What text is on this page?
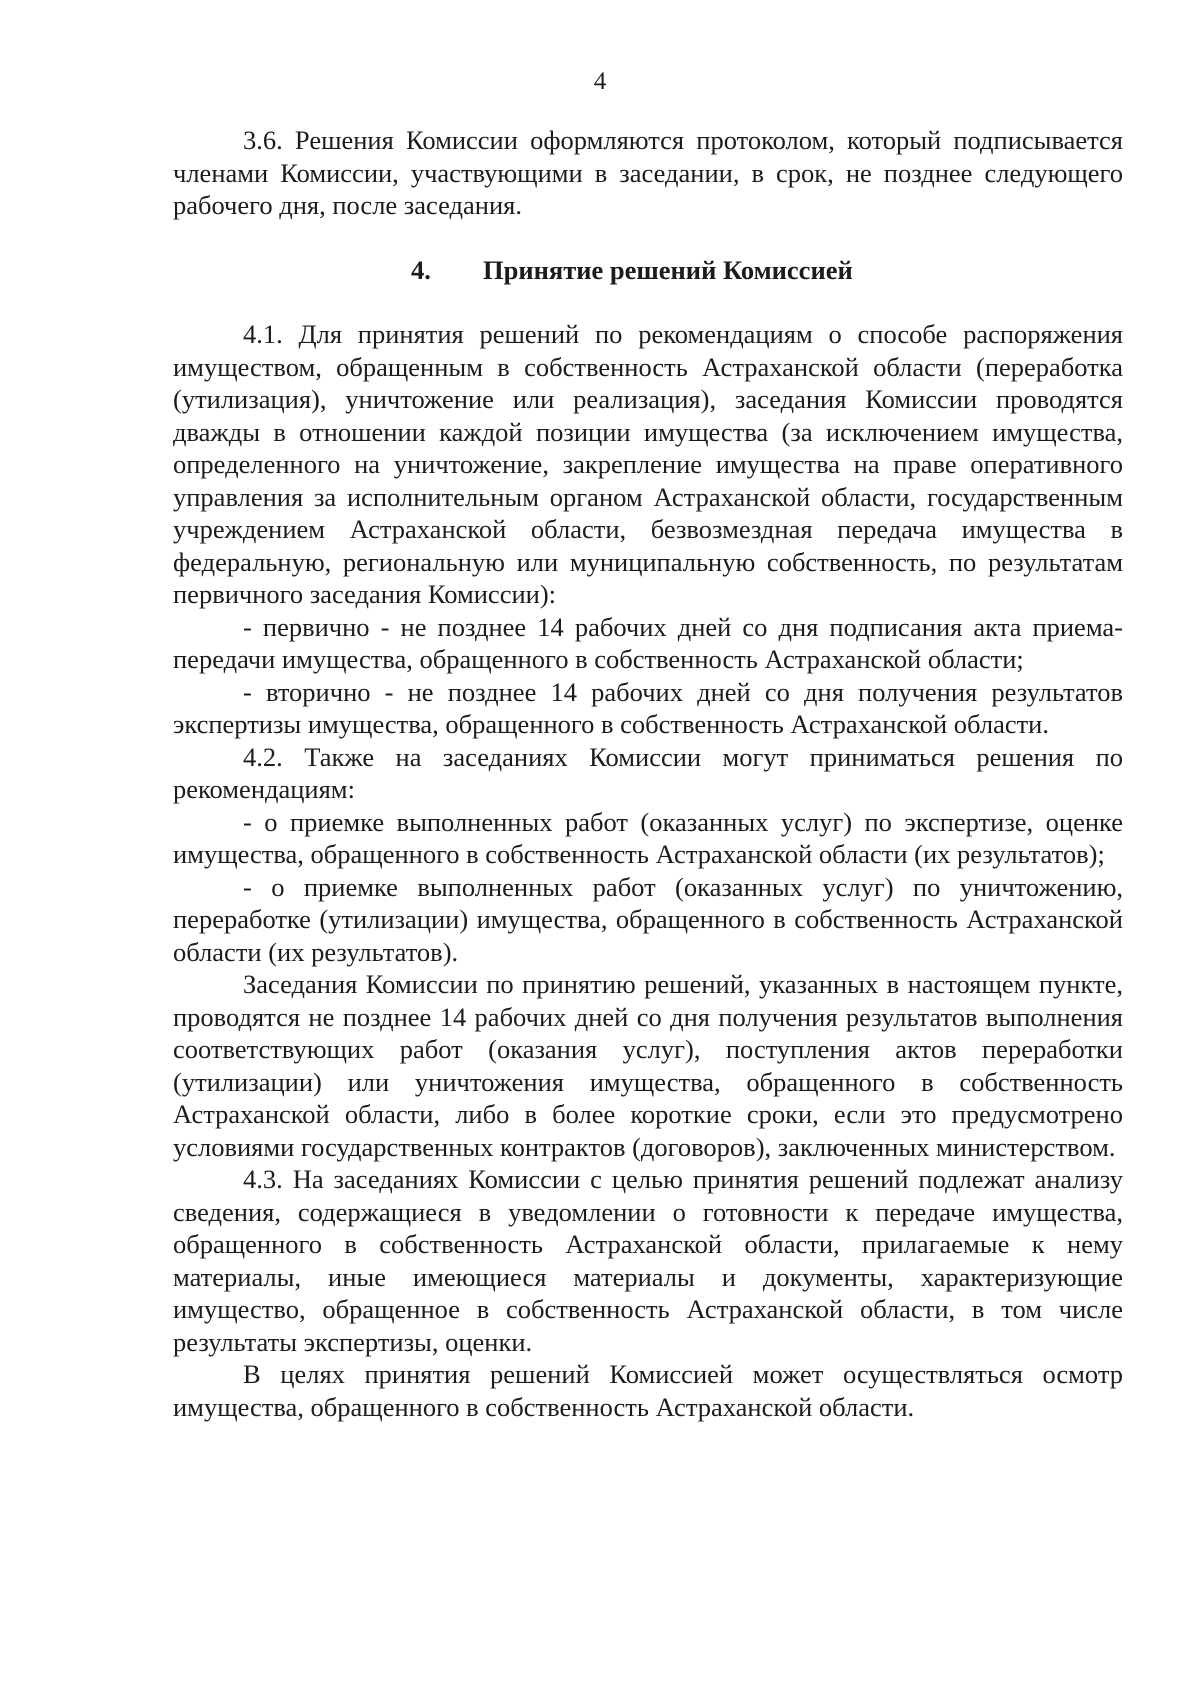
4

3.6. Решения Комиссии оформляются протоколом, который подписывается членами Комиссии, участвующими в заседании, в срок, не позднее следующего рабочего дня, после заседания.

4. Принятие решений Комиссией

4.1. Для принятия решений по рекомендациям о способе распоряжения имуществом, обращенным в собственность Астраханской области (переработка (утилизация), уничтожение или реализация), заседания Комиссии проводятся дважды в отношении каждой позиции имущества (за исключением имущества, определенного на уничтожение, закрепление имущества на праве оперативного управления за исполнительным органом Астраханской области, государственным учреждением Астраханской области, безвозмездная передача имущества в федеральную, региональную или муниципальную собственность, по результатам первичного заседания Комиссии):

- первично - не позднее 14 рабочих дней со дня подписания акта приема-передачи имущества, обращенного в собственность Астраханской области;

- вторично - не позднее 14 рабочих дней со дня получения результатов экспертизы имущества, обращенного в собственность Астраханской области.

4.2. Также на заседаниях Комиссии могут приниматься решения по рекомендациям:

- о приемке выполненных работ (оказанных услуг) по экспертизе, оценке имущества, обращенного в собственность Астраханской области (их результатов);

- о приемке выполненных работ (оказанных услуг) по уничтожению, переработке (утилизации) имущества, обращенного в собственность Астраханской области (их результатов).

Заседания Комиссии по принятию решений, указанных в настоящем пункте, проводятся не позднее 14 рабочих дней со дня получения результатов выполнения соответствующих работ (оказания услуг), поступления актов переработки (утилизации) или уничтожения имущества, обращенного в собственность Астраханской области, либо в более короткие сроки, если это предусмотрено условиями государственных контрактов (договоров), заключенных министерством.

4.3. На заседаниях Комиссии с целью принятия решений подлежат анализу сведения, содержащиеся в уведомлении о готовности к передаче имущества, обращенного в собственность Астраханской области, прилагаемые к нему материалы, иные имеющиеся материалы и документы, характеризующие имущество, обращенное в собственность Астраханской области, в том числе результаты экспертизы, оценки.

В целях принятия решений Комиссией может осуществляться осмотр имущества, обращенного в собственность Астраханской области.
